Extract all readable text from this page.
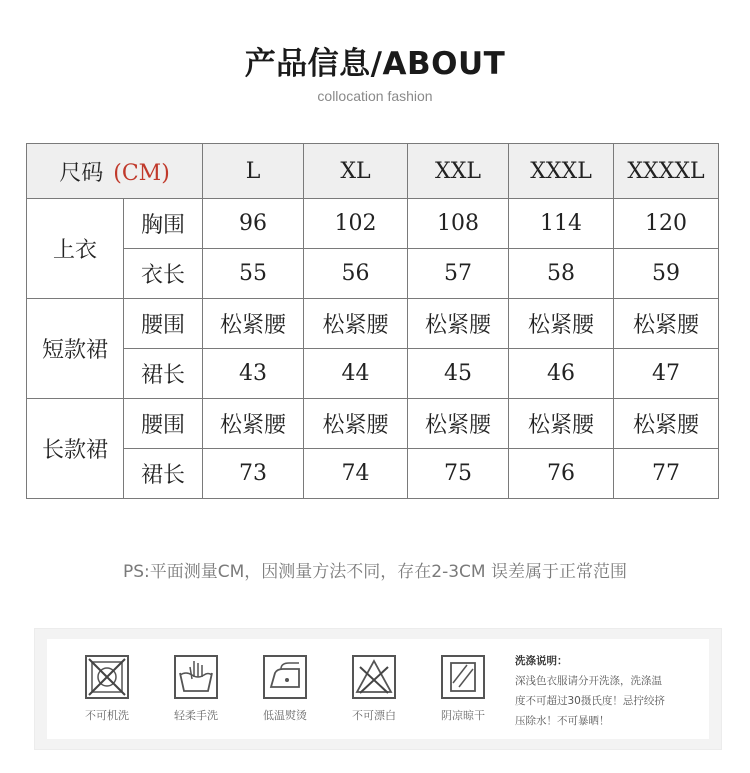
产品信息/ABOUT
collocation fashion
尺码 (CM)		L	XL	XXL	XXXL	XXXXL
上衣	胸围	96	102	108	114	120
	衣长	55	56	57	58	59
短款裙	腰围	松紧腰	松紧腰	松紧腰	松紧腰	松紧腰
	裙长	43	44	45	46	47
长款裙	腰围	松紧腰	松紧腰	松紧腰	松紧腰	松紧腰
	裙长	73	74	75	76	77
PS:平面测量CM，因测量方法不同，存在2-3CM 误差属于正常范围
不可机洗	轻柔手洗	低温熨烫	不可漂白	阴凉晾干
洗涤说明：
深浅色衣服请分开洗涤，洗涤温
度不可超过30摄氏度！忌拧绞挤
压除水！不可暴晒！
